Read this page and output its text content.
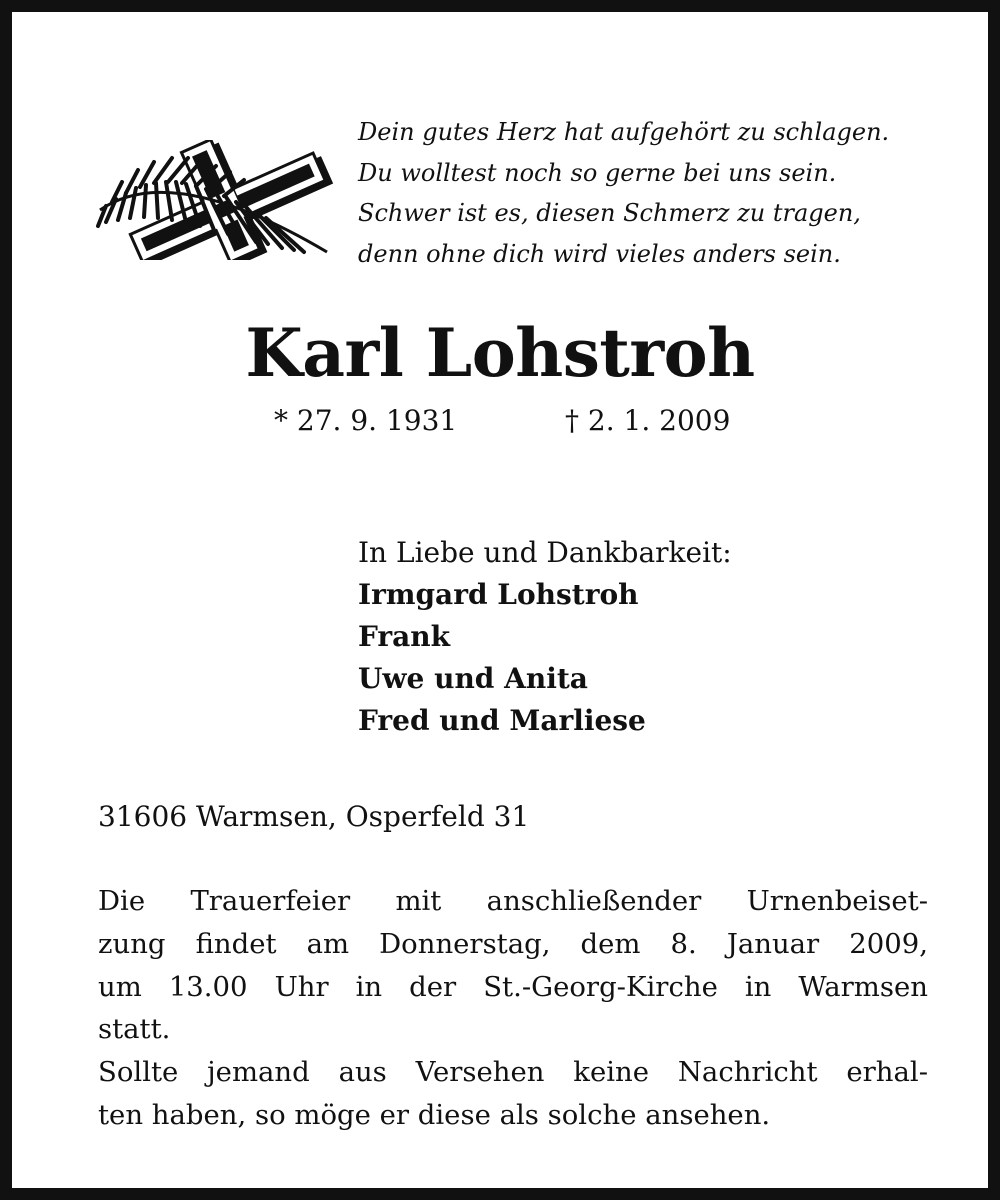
Dein gutes Herz hat aufgehört zu schlagen.
Du wolltest noch so gerne bei uns sein.
Schwer ist es, diesen Schmerz zu tragen,
denn ohne dich wird vieles anders sein.
Karl Lohstroh
* 27. 9. 1931	† 2. 1. 2009
In Liebe und Dankbarkeit:
Irmgard Lohstroh
Frank
Uwe und Anita
Fred und Marliese
31606 Warmsen, Osperfeld 31
Die Trauerfeier mit anschließender Urnenbeiset-
zung findet am Donnerstag, dem 8. Januar 2009,
um 13.00 Uhr in der St.-Georg-Kirche in Warmsen
statt.
Sollte jemand aus Versehen keine Nachricht erhal-
ten haben, so möge er diese als solche ansehen.
